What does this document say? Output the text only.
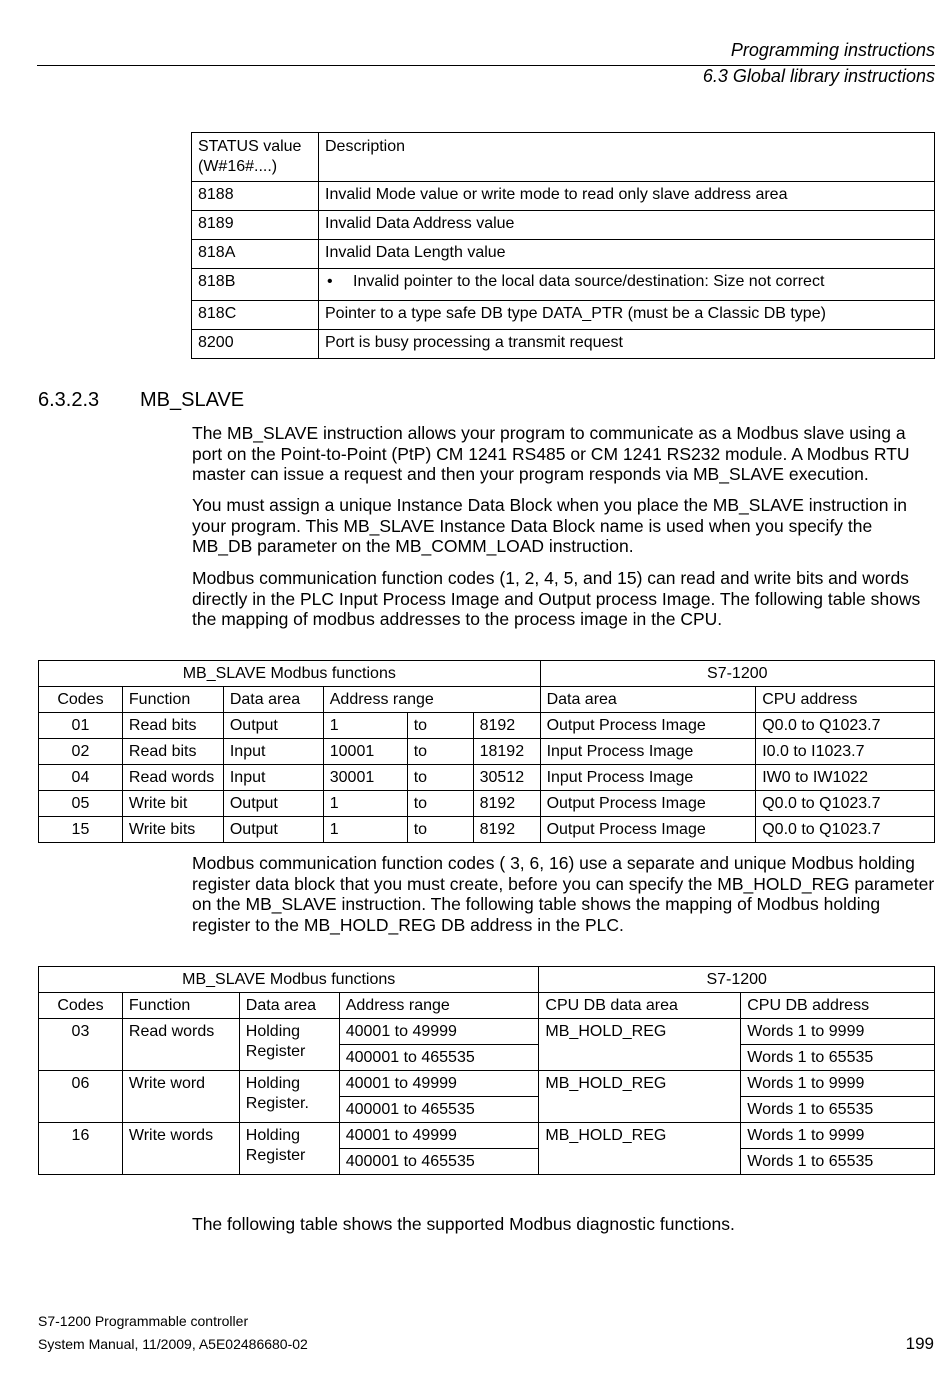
Programming instructions
6.3 Global library instructions
STATUS value
(W#16#....)	Description
8188	Invalid Mode value or write mode to read only slave address area
8189	Invalid Data Address value
818A	Invalid Data Length value
818B	• Invalid pointer to the local data source/destination: Size not correct
818C	Pointer to a type safe DB type DATA_PTR (must be a Classic DB type)
8200	Port is busy processing a transmit request
6.3.2.3 MB_SLAVE

The MB_SLAVE instruction allows your program to communicate as a Modbus slave using a port on the Point-to-Point (PtP) CM 1241 RS485 or CM 1241 RS232 module. A Modbus RTU master can issue a request and then your program responds via MB_SLAVE execution.

You must assign a unique Instance Data Block when you place the MB_SLAVE instruction in your program. This MB_SLAVE Instance Data Block name is used when you specify the MB_DB parameter on the MB_COMM_LOAD instruction.

Modbus communication function codes (1, 2, 4, 5, and 15) can read and write bits and words directly in the PLC Input Process Image and Output process Image. The following table shows the mapping of modbus addresses to the process image in the CPU.

MB_SLAVE Modbus functions						S7-1200	
Codes	Function	Data area	Address range			Data area	CPU address
01	Read bits	Output	1	to	8192	Output Process Image	Q0.0 to Q1023.7
02	Read bits	Input	10001	to	18192	Input Process Image	I0.0 to I1023.7
04	Read words	Input	30001	to	30512	Input Process Image	IW0 to IW1022
05	Write bit	Output	1	to	8192	Output Process Image	Q0.0 to Q1023.7
15	Write bits	Output	1	to	8192	Output Process Image	Q0.0 to Q1023.7

Modbus communication function codes ( 3, 6, 16) use a separate and unique Modbus holding register data block that you must create, before you can specify the MB_HOLD_REG parameter on the MB_SLAVE instruction. The following table shows the mapping of Modbus holding register to the MB_HOLD_REG DB address in the PLC.

MB_SLAVE Modbus functions				S7-1200	
Codes	Function	Data area	Address range	CPU DB data area	CPU DB address
03	Read words	Holding Register	40001 to 49999	MB_HOLD_REG	Words 1 to 9999
			400001 to 465535		Words 1 to 65535
06	Write word	Holding Register.	40001 to 49999	MB_HOLD_REG	Words 1 to 9999
			400001 to 465535		Words 1 to 65535
16	Write words	Holding Register	40001 to 49999	MB_HOLD_REG	Words 1 to 9999
			400001 to 465535		Words 1 to 65535

The following table shows the supported Modbus diagnostic functions.

S7-1200 Programmable controller
System Manual, 11/2009, A5E02486680-02	199
